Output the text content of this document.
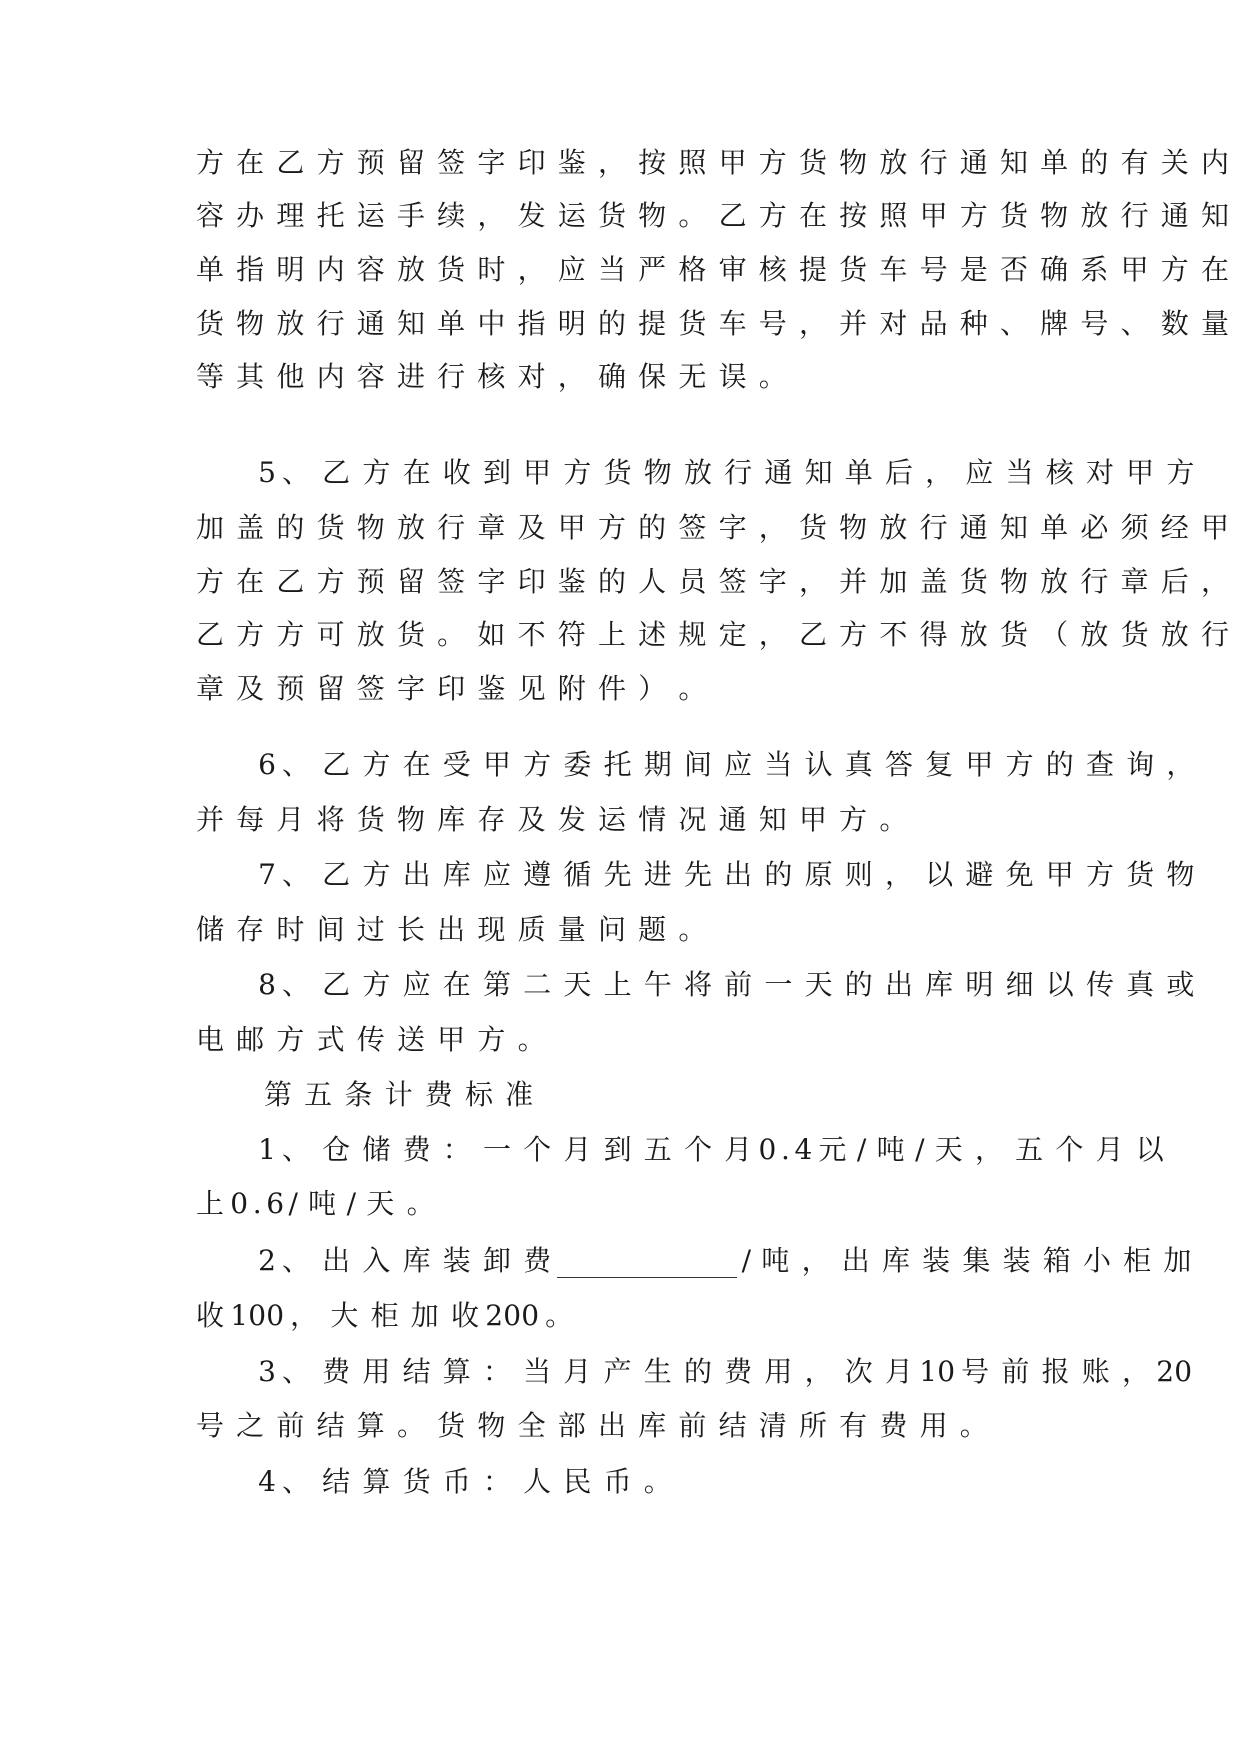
方 在 乙 方 预 留 签 字 印 鉴 ， 按 照 甲 方 货 物 放 行 通 知 单 的 有 关 内
容 办 理 托 运 手 续 ， 发 运 货 物 。 乙 方 在 按 照 甲 方 货 物 放 行 通 知
单 指 明 内 容 放 货 时 ， 应 当 严 格 审 核 提 货 车 号 是 否 确 系 甲 方 在
货 物 放 行 通 知 单 中 指 明 的 提 货 车 号 ， 并 对 品 种 、 牌 号 、 数 量
等 其 他 内 容 进 行 核 对 ， 确 保 无 误 。
5 、 乙 方 在 收 到 甲 方 货 物 放 行 通 知 单 后 ， 应 当 核 对 甲 方
加 盖 的 货 物 放 行 章 及 甲 方 的 签 字 ， 货 物 放 行 通 知 单 必 须 经 甲
方 在 乙 方 预 留 签 字 印 鉴 的 人 员 签 字 ， 并 加 盖 货 物 放 行 章 后 ，
乙 方 方 可 放 货 。 如 不 符 上 述 规 定 ， 乙 方 不 得 放 货 （ 放 货 放 行
章 及 预 留 签 字 印 鉴 见 附 件 ） 。
6 、 乙 方 在 受 甲 方 委 托 期 间 应 当 认 真 答 复 甲 方 的 查 询 ，
并 每 月 将 货 物 库 存 及 发 运 情 况 通 知 甲 方 。
7 、 乙 方 出 库 应 遵 循 先 进 先 出 的 原 则 ， 以 避 免 甲 方 货 物
储 存 时 间 过 长 出 现 质 量 问 题 。
8 、 乙 方 应 在 第 二 天 上 午 将 前 一 天 的 出 库 明 细 以 传 真 或
电 邮 方 式 传 送 甲 方 。
第 五 条 计 费 标 准
1 、 仓 储 费 ： 一 个 月 到 五 个 月 0 . 4 元 / 吨 / 天 ， 五 个 月 以
上 0 . 6 / 吨 / 天 。
2 、 出 入 库 装 卸 费	/ 吨 ， 出 库 装 集 装 箱 小 柜 加
收 1 0 0 ， 大 柜 加 收 2 0 0 。
3 、 费 用 结 算 ： 当 月 产 生 的 费 用 ， 次 月 1 0 号 前 报 账 ， 2 0
号 之 前 结 算 。 货 物 全 部 出 库 前 结 清 所 有 费 用 。
4 、 结 算 货 币 ： 人 民 币 。
